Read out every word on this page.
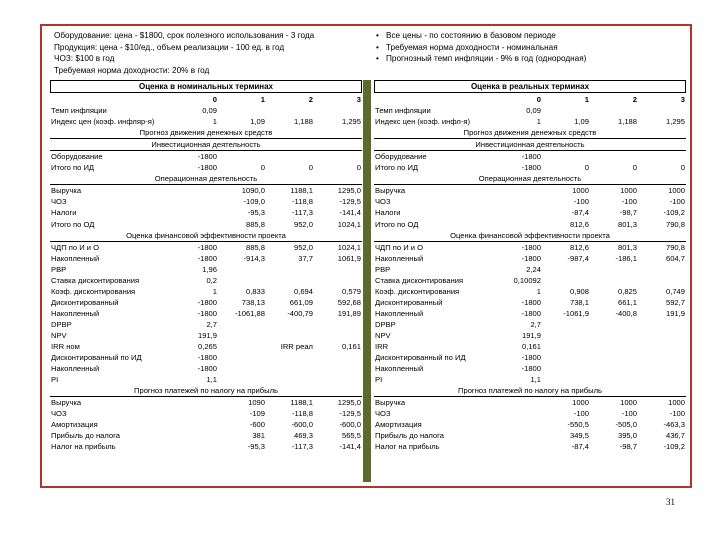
Оборудование: цена - $1800, срок полезного использования - 3 года
Продукция: цена - $10/ед., объем реализации - 100 ед. в год
ЧОЗ: $100 в год
Требуемая норма доходности: 20% в год
• Все цены - по состоянию в базовом периоде
• Требуемая норма доходности - номинальная
• Прогнозный темп инфляции - 9% в год (однородная)
Оценка в номинальных терминах
	0	1	2	3
Темп инфляции	0,09			
Индекс цен (коэф. инфляр-я)	1	1,09	1,188	1,295
Прогноз движения денежных средств				
Инвестиционная деятельность				
Оборудование	-1800			
Итого по ИД	-1800	0	0	0
Операционная деятельность				
Выручка		1090,0	1188,1	1295,0
ЧОЗ		-109,0	-118,8	-129,5
Налоги		-95,3	-117,3	-141,4
Итого по ОД		885,8	952,0	1024,1
Оценка финансовой эффективности проекта				
ЧДП по И и О	-1800	885,8	952,0	1024,1
Накопленный	-1800	-914,3	37,7	1061,9
PBP	1,96			
Ставка дисконтирования	0,2			
Коэф. дисконтирования	1	0,833	0,694	0,579
Дисконтированный	-1800	738,13	661,09	592,68
Накопленный	-1800	-1061,88	-400,79	191,89
DPBP	2,7			
NPV	191,9			
IRR ном	0,265		IRR реал	0,161
Дисконтированный по ИД	-1800			
Накопленный	-1800			
PI	1,1			
Прогноз платежей по налогу на прибыль				
Выручка		1090	1188,1	1295,0
ЧОЗ		-109	-118,8	-129,5
Амортизация		-600	-600,0	-600,0
Прибыль до налога		381	469,3	565,5
Налог на прибыль		-95,3	-117,3	-141,4
Оценка в реальных терминах
	0	1	2	3
Темп инфляции	0,09			
Индекс цен (коэф. инфл-я)	1	1,09	1,188	1,295
Прогноз движения денежных средств				
Инвестиционная деятельность				
Оборудование	-1800			
Итого по ИД	-1800	0	0	0
Операционная деятельность				
Выручка		1000	1000	1000
ЧОЗ		-100	-100	-100
Налоги		-87,4	-98,7	-109,2
Итого по ОД		812,6	801,3	790,8
Оценка финансовой эффективности проекта				
ЧДП по И и О	-1800	812,6	801,3	790,8
Накопленный	-1800	-987,4	-186,1	604,7
PBP	2,24			
Ставка дисконтирования	0,10092			
Коэф. дисконтирования	1	0,908	0,825	0,749
Дисконтированный	-1800	738,1	661,1	592,7
Накопленный	-1800	-1061,9	-400,8	191,9
DPBP	2,7			
NPV	191,9			
IRR	0,161			
Дисконтированный по ИД	-1800			
Накопленный	-1800			
PI	1,1			
Прогноз платежей по налогу на прибыль				
Выручка		1000	1000	1000
ЧОЗ		-100	-100	-100
Амортизация		-550,5	-505,0	-463,3
Прибыль до налога		349,5	395,0	436,7
Налог на прибыль		-87,4	-98,7	-109,2
31
